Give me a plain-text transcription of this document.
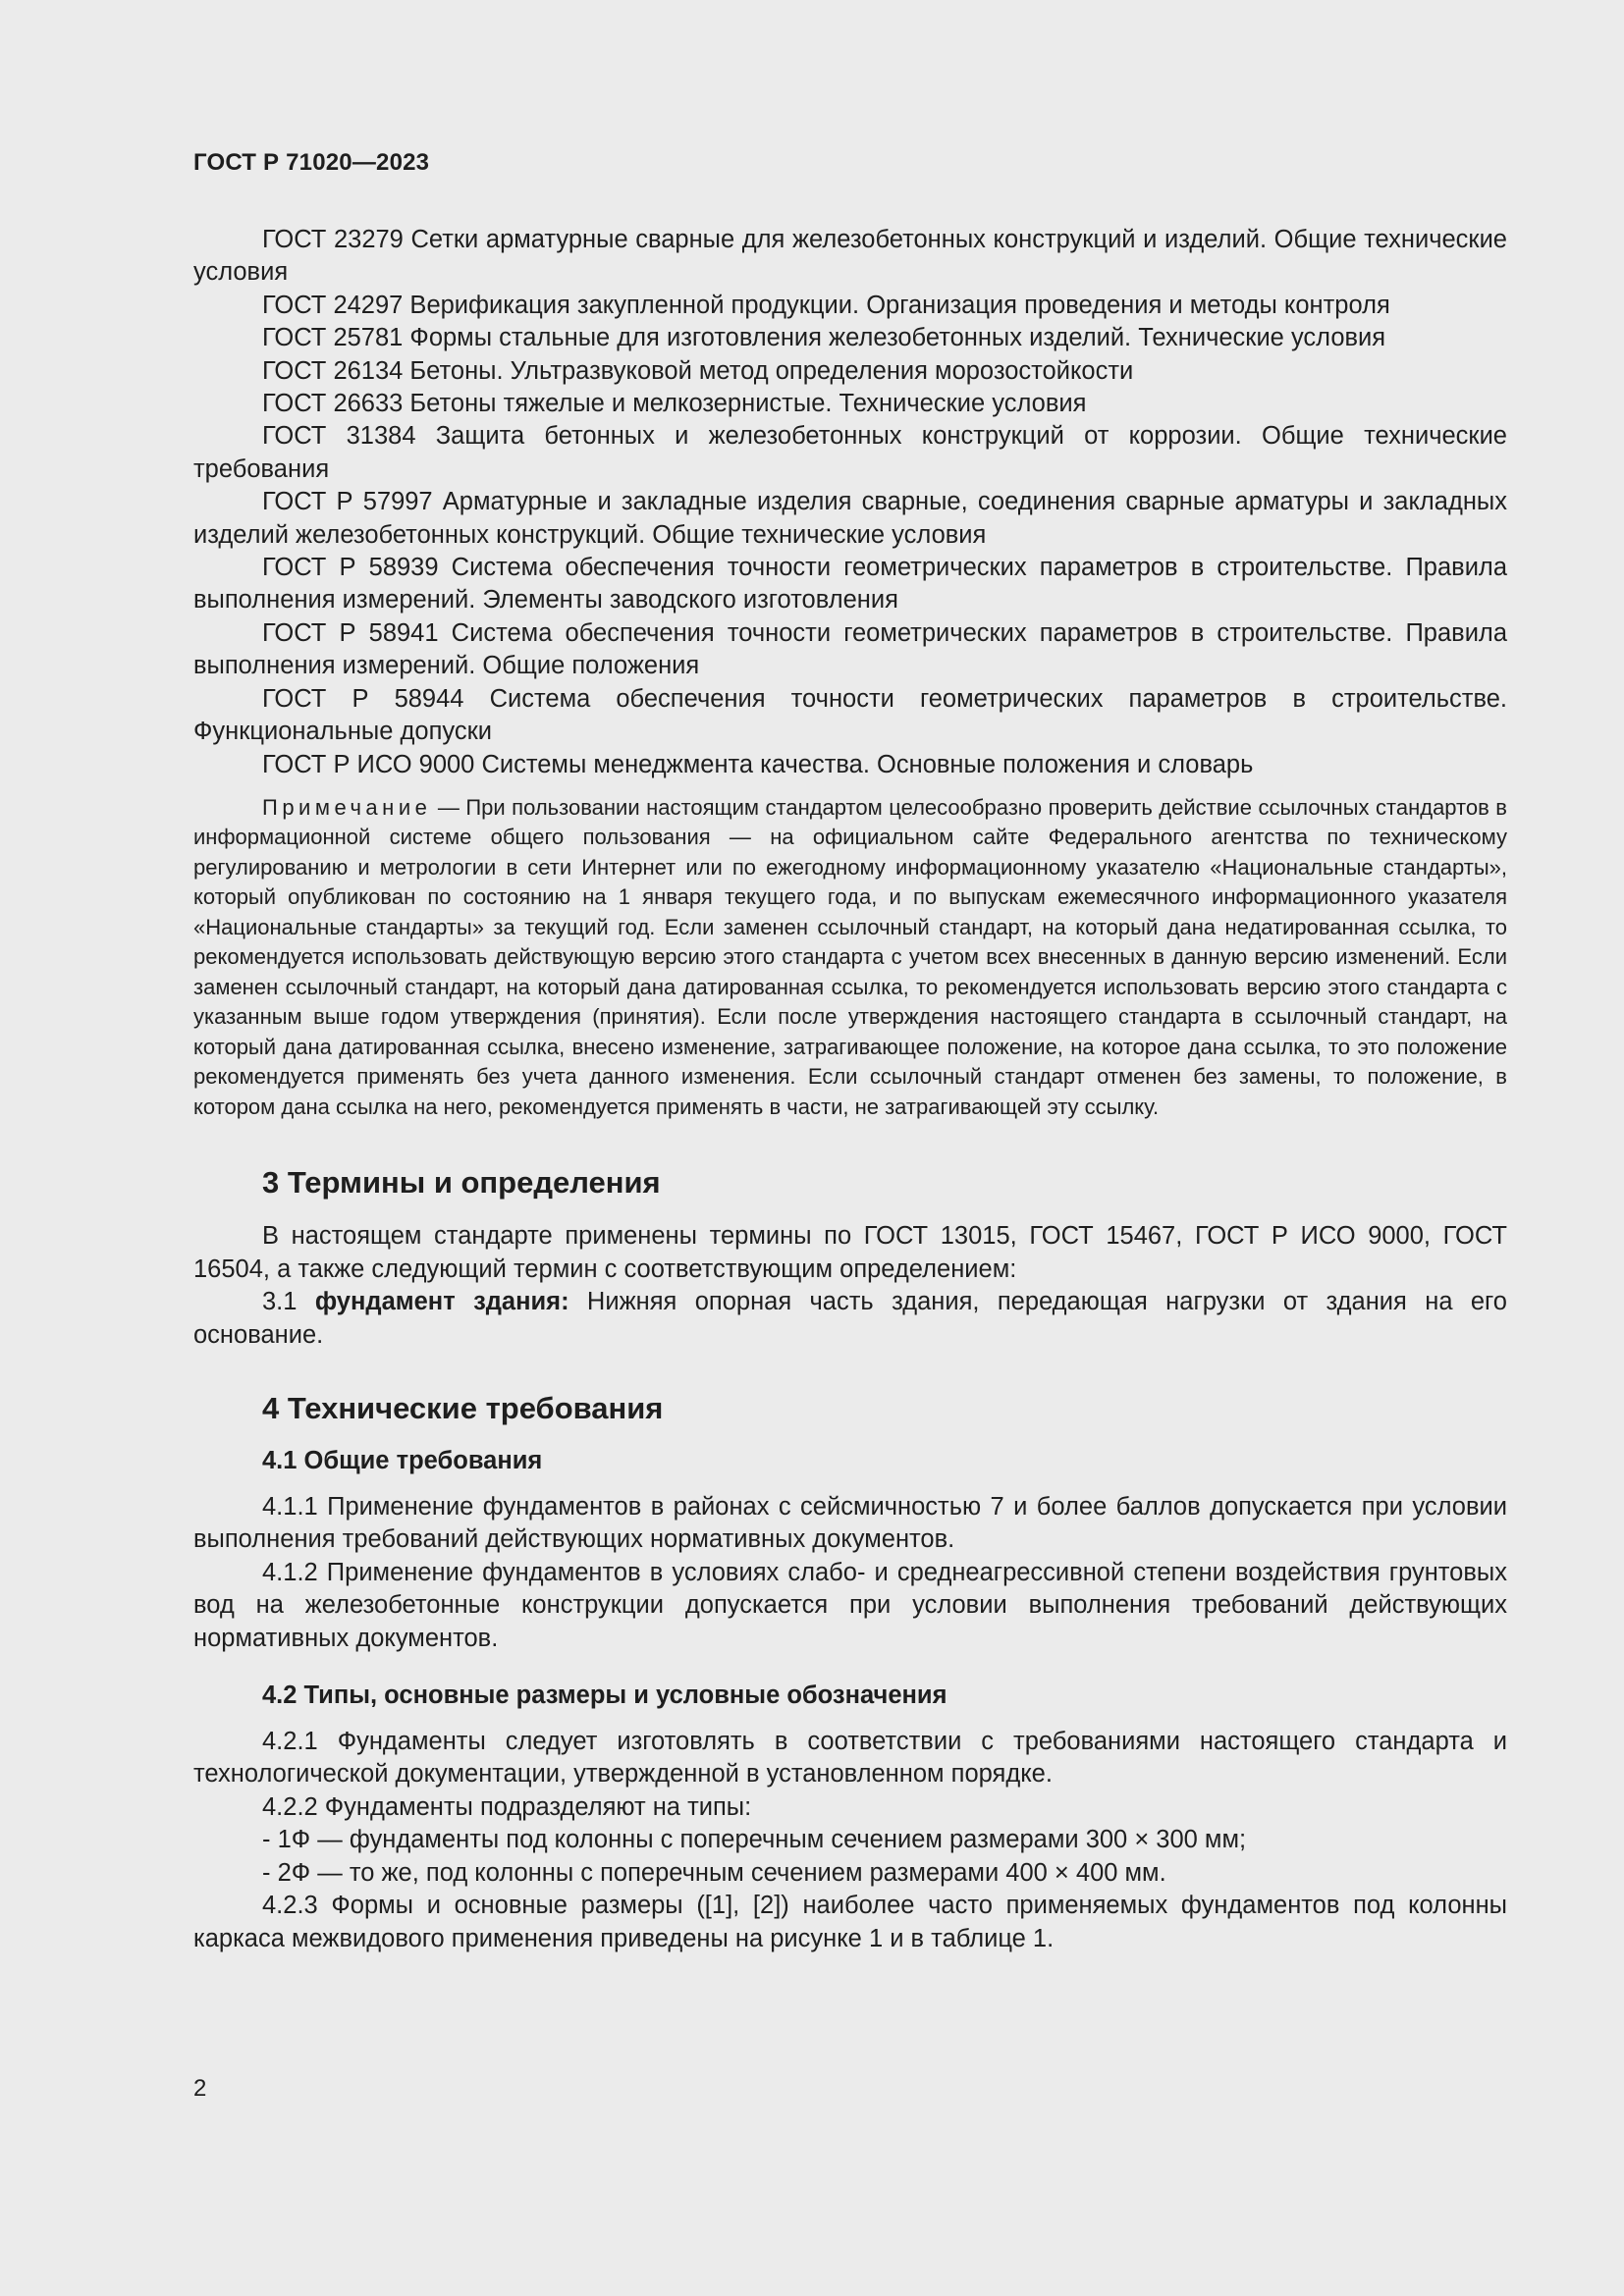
ГОСТ Р 71020—2023

ГОСТ 23279 Сетки арматурные сварные для железобетонных конструкций и изделий. Общие технические условия

ГОСТ 24297 Верификация закупленной продукции. Организация проведения и методы контроля

ГОСТ 25781 Формы стальные для изготовления железобетонных изделий. Технические условия

ГОСТ 26134 Бетоны. Ультразвуковой метод определения морозостойкости

ГОСТ 26633 Бетоны тяжелые и мелкозернистые. Технические условия

ГОСТ 31384 Защита бетонных и железобетонных конструкций от коррозии. Общие технические требования

ГОСТ Р 57997 Арматурные и закладные изделия сварные, соединения сварные арматуры и закладных изделий железобетонных конструкций. Общие технические условия

ГОСТ Р 58939 Система обеспечения точности геометрических параметров в строительстве. Правила выполнения измерений. Элементы заводского изготовления

ГОСТ Р 58941 Система обеспечения точности геометрических параметров в строительстве. Правила выполнения измерений. Общие положения

ГОСТ Р 58944 Система обеспечения точности геометрических параметров в строительстве. Функциональные допуски

ГОСТ Р ИСО 9000 Системы менеджмента качества. Основные положения и словарь

Примечание — При пользовании настоящим стандартом целесообразно проверить действие ссылочных стандартов в информационной системе общего пользования — на официальном сайте Федерального агентства по техническому регулированию и метрологии в сети Интернет или по ежегодному информационному указателю «Национальные стандарты», который опубликован по состоянию на 1 января текущего года, и по выпускам ежемесячного информационного указателя «Национальные стандарты» за текущий год. Если заменен ссылочный стандарт, на который дана недатированная ссылка, то рекомендуется использовать действующую версию этого стандарта с учетом всех внесенных в данную версию изменений. Если заменен ссылочный стандарт, на который дана датированная ссылка, то рекомендуется использовать версию этого стандарта с указанным выше годом утверждения (принятия). Если после утверждения настоящего стандарта в ссылочный стандарт, на который дана датированная ссылка, внесено изменение, затрагивающее положение, на которое дана ссылка, то это положение рекомендуется применять без учета данного изменения. Если ссылочный стандарт отменен без замены, то положение, в котором дана ссылка на него, рекомендуется применять в части, не затрагивающей эту ссылку.

3 Термины и определения

В настоящем стандарте применены термины по ГОСТ 13015, ГОСТ 15467, ГОСТ Р ИСО 9000, ГОСТ 16504, а также следующий термин с соответствующим определением:

3.1 фундамент здания: Нижняя опорная часть здания, передающая нагрузки от здания на его основание.

4 Технические требования
4.1 Общие требования

4.1.1 Применение фундаментов в районах с сейсмичностью 7 и более баллов допускается при условии выполнения требований действующих нормативных документов.

4.1.2 Применение фундаментов в условиях слабо- и среднеагрессивной степени воздействия грунтовых вод на железобетонные конструкции допускается при условии выполнения требований действующих нормативных документов.

4.2 Типы, основные размеры и условные обозначения

4.2.1 Фундаменты следует изготовлять в соответствии с требованиями настоящего стандарта и технологической документации, утвержденной в установленном порядке.

4.2.2 Фундаменты подразделяют на типы:

- 1Ф — фундаменты под колонны с поперечным сечением размерами 300 × 300 мм;

- 2Ф — то же, под колонны с поперечным сечением размерами 400 × 400 мм.

4.2.3 Формы и основные размеры ([1], [2]) наиболее часто применяемых фундаментов под колонны каркаса межвидового применения приведены на рисунке 1 и в таблице 1.

2
